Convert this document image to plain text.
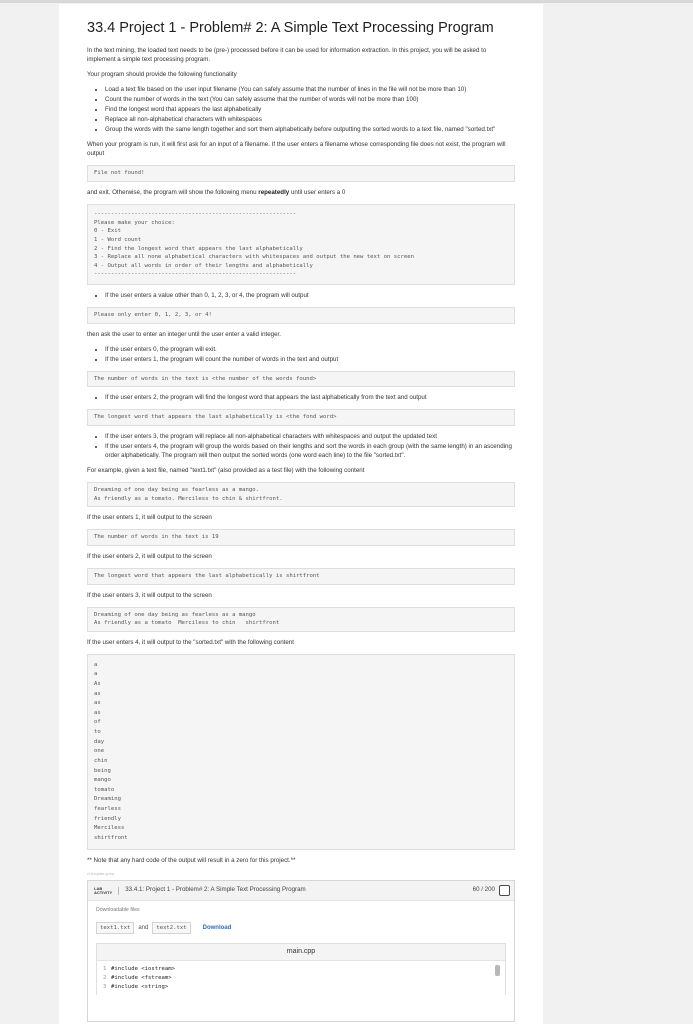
33.4 Project 1 - Problem# 2: A Simple Text Processing Program

In the text mining, the loaded text needs to be (pre-) processed before it can be used for information extraction. In this project, you will be asked to implement a simple text processing program.

Your program should provide the following functionality

• Load a text file based on the user input filename (You can safely assume that the number of lines in the file will not be more than 10)
• Count the number of words in the text (You can safely assume that the number of words will not be more than 100)
• Find the longest word that appears the last alphabetically
• Replace all non-alphabetical characters with whitespaces
• Group the words with the same length together and sort them alphabetically before outputting the sorted words to a text file, named "sorted.txt"

When your program is run, it will first ask for an input of a filename. If the user enters a filename whose corresponding file does not exist, the program will output

File not found!

and exit. Otherwise, the program will show the following menu repeatedly until user enters a 0

------------------------------------------------------------
Please make your choice:
0 - Exit
1 - Word count
2 - Find the longest word that appears the last alphabetically
3 - Replace all none alphabetical characters with whitespaces and output the new text on screen
4 - Output all words in order of their lengths and alphabetically
------------------------------------------------------------
• If the user enters a value other than 0, 1, 2, 3, or 4, the program will output
Please only enter 0, 1, 2, 3, or 4!

then ask the user to enter an integer until the user enter a valid integer.

• If the user enters 0, the program will exit.
• If the user enters 1, the program will count the number of words in the text and output
The number of words in the text is <the number of the words found>
• If the user enters 2, the program will find the longest word that appears the last alphabetically from the text and output
The longest word that appears the last alphabetically is <the fond word>
• If the user enters 3, the program will replace all non-alphabetical characters with whitespaces and output the updated text
• If the user enters 4, the program will group the words based on their lengths and sort the words in each group (with the same length) in an ascending order alphabetically. The program will then output the sorted words (one word each line) to the file "sorted.txt".

For example, given a text file, named "text1.txt" (also provided as a test file) with the following content

Dreaming of one day being as fearless as a mango.
As friendly as a tomato. Merciless to chin & shirtfront.

If the user enters 1, it will output to the screen

The number of words in the text is 19

If the user enters 2, it will output to the screen

The longest word that appears the last alphabetically is shirtfront

If the user enters 3, it will output to the screen

Dreaming of one day being as fearless as a mango
As friendly as a tomato  Merciless to chin   shirtfront

If the user enters 4, it will output to the "sorted.txt" with the following content

a
a
As
as
as
as
of
to
day
one
chin
being
mango
tomato
Dreaming
fearless
friendly
Merciless
shirtfront

** Note that any hard code of the output will result in a zero for this project.**

zf-template-group
LAB
ACTIVITY 33.4.1: Project 1 - Problem# 2: A Simple Text Processing Program	60 / 200
Downloadable files
text1.txt	and	text2.txt	Download
main.cpp
1 #include <iostream>
2 #include <fstream>
3 #include <string>
